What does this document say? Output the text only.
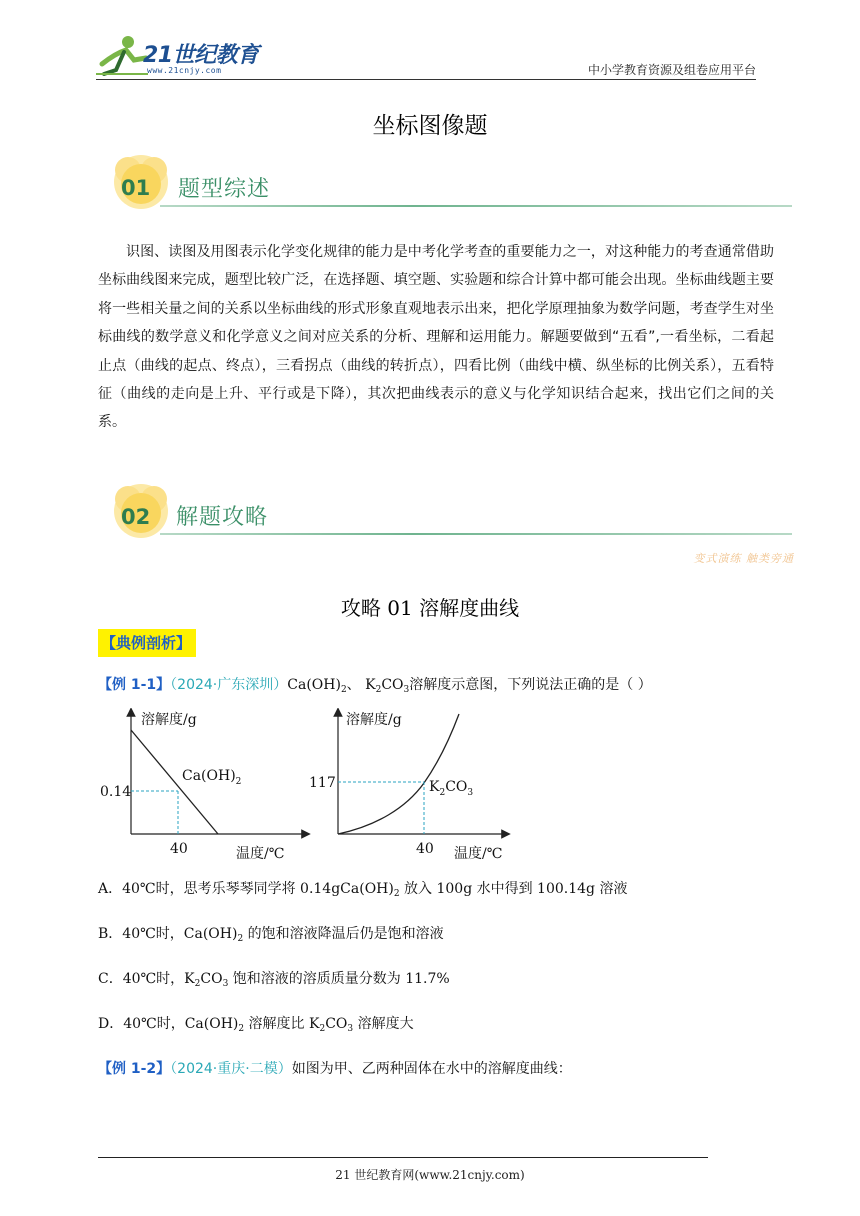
21世纪教育
www.21cnjy.com	中小学教育资源及组卷应用平台
坐标图像题
01 题型综述
识图、读图及用图表示化学变化规律的能力是中考化学考查的重要能力之一，对这种能力的考查通常借助坐标曲线图来完成，题型比较广泛，在选择题、填空题、实验题和综合计算中都可能会出现。坐标曲线题主要将一些相关量之间的关系以坐标曲线的形式形象直观地表示出来，把化学原理抽象为数学问题，考查学生对坐标曲线的数学意义和化学意义之间对应关系的分析、理解和运用能力。解题要做到“五看”,一看坐标，二看起止点（曲线的起点、终点），三看拐点（曲线的转折点），四看比例（曲线中横、纵坐标的比例关系），五看特征（曲线的走向是上升、平行或是下降），其次把曲线表示的意义与化学知识结合起来，找出它们之间的关系。
02 解题攻略
变式演练 触类旁通
攻略 01 溶解度曲线
【典例剖析】
【例 1-1】（2024·广东深圳）$Ca(OH)_2$、 $K_2CO_3$溶解度示意图，下列说法正确的是（ ）
溶解度/g
0.14
40	温度/℃
$Ca(OH)_2$
溶解度/g
117
40 温度/℃
$K_2CO_3$
A．40℃时，思考乐琴琴同学将 $0.14gCa(OH)_2$ 放入 100g 水中得到 100.14g 溶液
B．40℃时，$Ca(OH)_2$ 的饱和溶液降温后仍是饱和溶液
C．40℃时，$K_2CO_3$ 饱和溶液的溶质质量分数为 11.7%
D．40℃时，$Ca(OH)_2$ 溶解度比 $K_2CO_3$ 溶解度大
【例 1-2】（2024·重庆·二模）如图为甲、乙两种固体在水中的溶解度曲线：
21 世纪教育网(www.21cnjy.com)
